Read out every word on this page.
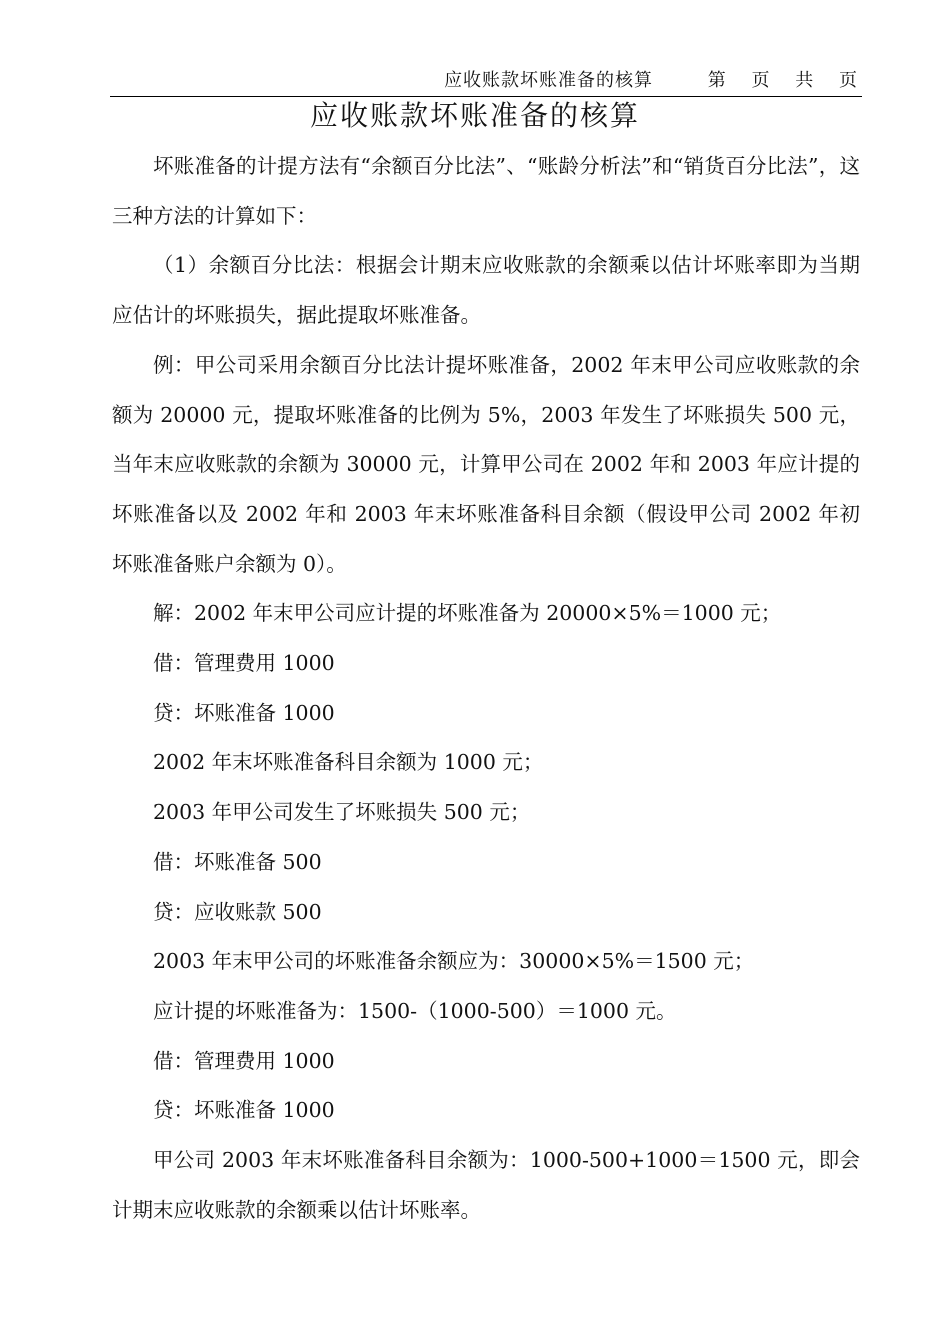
应收账款坏账准备的核算	第 页 共 页
应收账款坏账准备的核算

坏账准备的计提方法有“余额百分比法”、“账龄分析法”和“销货百分比法”，这三种方法的计算如下：

（1）余额百分比法：根据会计期末应收账款的余额乘以估计坏账率即为当期应估计的坏账损失，据此提取坏账准备。

例：甲公司采用余额百分比法计提坏账准备，2002 年末甲公司应收账款的余额为 20000 元，提取坏账准备的比例为 5%，2003 年发生了坏账损失 500 元，当年末应收账款的余额为 30000 元，计算甲公司在 2002 年和 2003 年应计提的坏账准备以及 2002 年和 2003 年末坏账准备科目余额（假设甲公司 2002 年初坏账准备账户余额为 0）。

解：2002 年末甲公司应计提的坏账准备为 20000×5%＝1000 元；

借：管理费用 1000

贷：坏账准备 1000

2002 年末坏账准备科目余额为 1000 元；

2003 年甲公司发生了坏账损失 500 元；

借：坏账准备 500

贷：应收账款 500

2003 年末甲公司的坏账准备余额应为：30000×5%＝1500 元；

应计提的坏账准备为：1500-（1000-500）＝1000 元。

借：管理费用 1000

贷：坏账准备 1000

甲公司 2003 年末坏账准备科目余额为：1000-500+1000＝1500 元，即会计期末应收账款的余额乘以估计坏账率。
